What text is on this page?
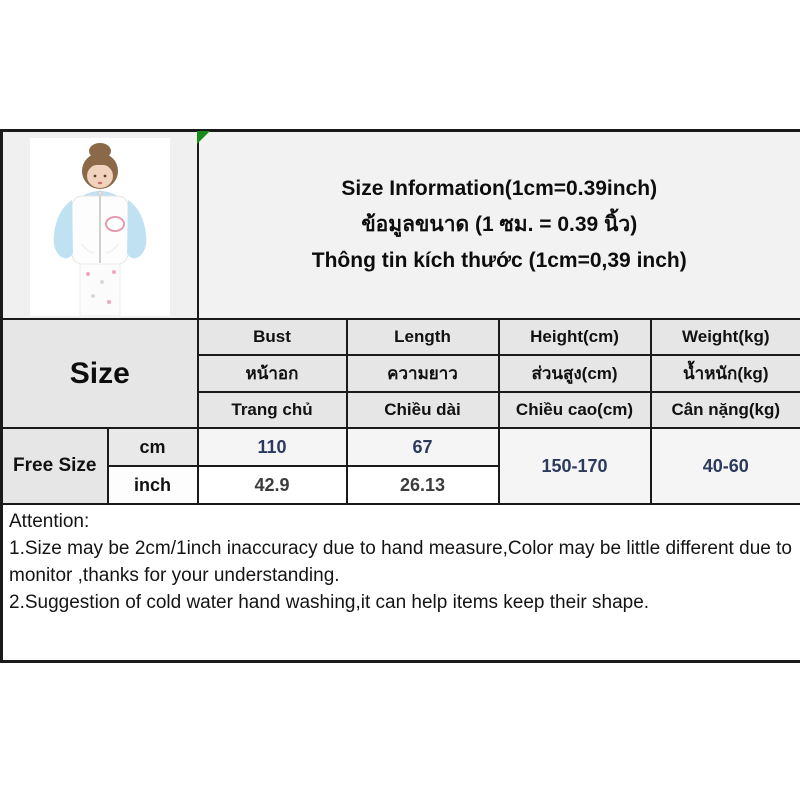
Size Information(1cm=0.39inch)
ข้อมูลขนาด (1 ซม. = 0.39 นิ้ว)
Thông tin kích thước (1cm=0,39 inch)			

Size		Bust	Length	Height(cm)	Weight(kg)
		หน้าอก	ความยาว	ส่วนสูง(cm)	น้ำหนัก(kg)
		Trang chủ	Chiều dài	Chiều cao(cm)	Cân nặng(kg)
Free Size	cm	110	67	150-170	40-60
	inch	42.9	26.13		

Attention:

1.Size may be 2cm/1inch inaccuracy due to hand measure,Color may be little different due to monitor ,thanks for your understanding.

2.Suggestion of cold water hand washing,it can help items keep their shape.					
